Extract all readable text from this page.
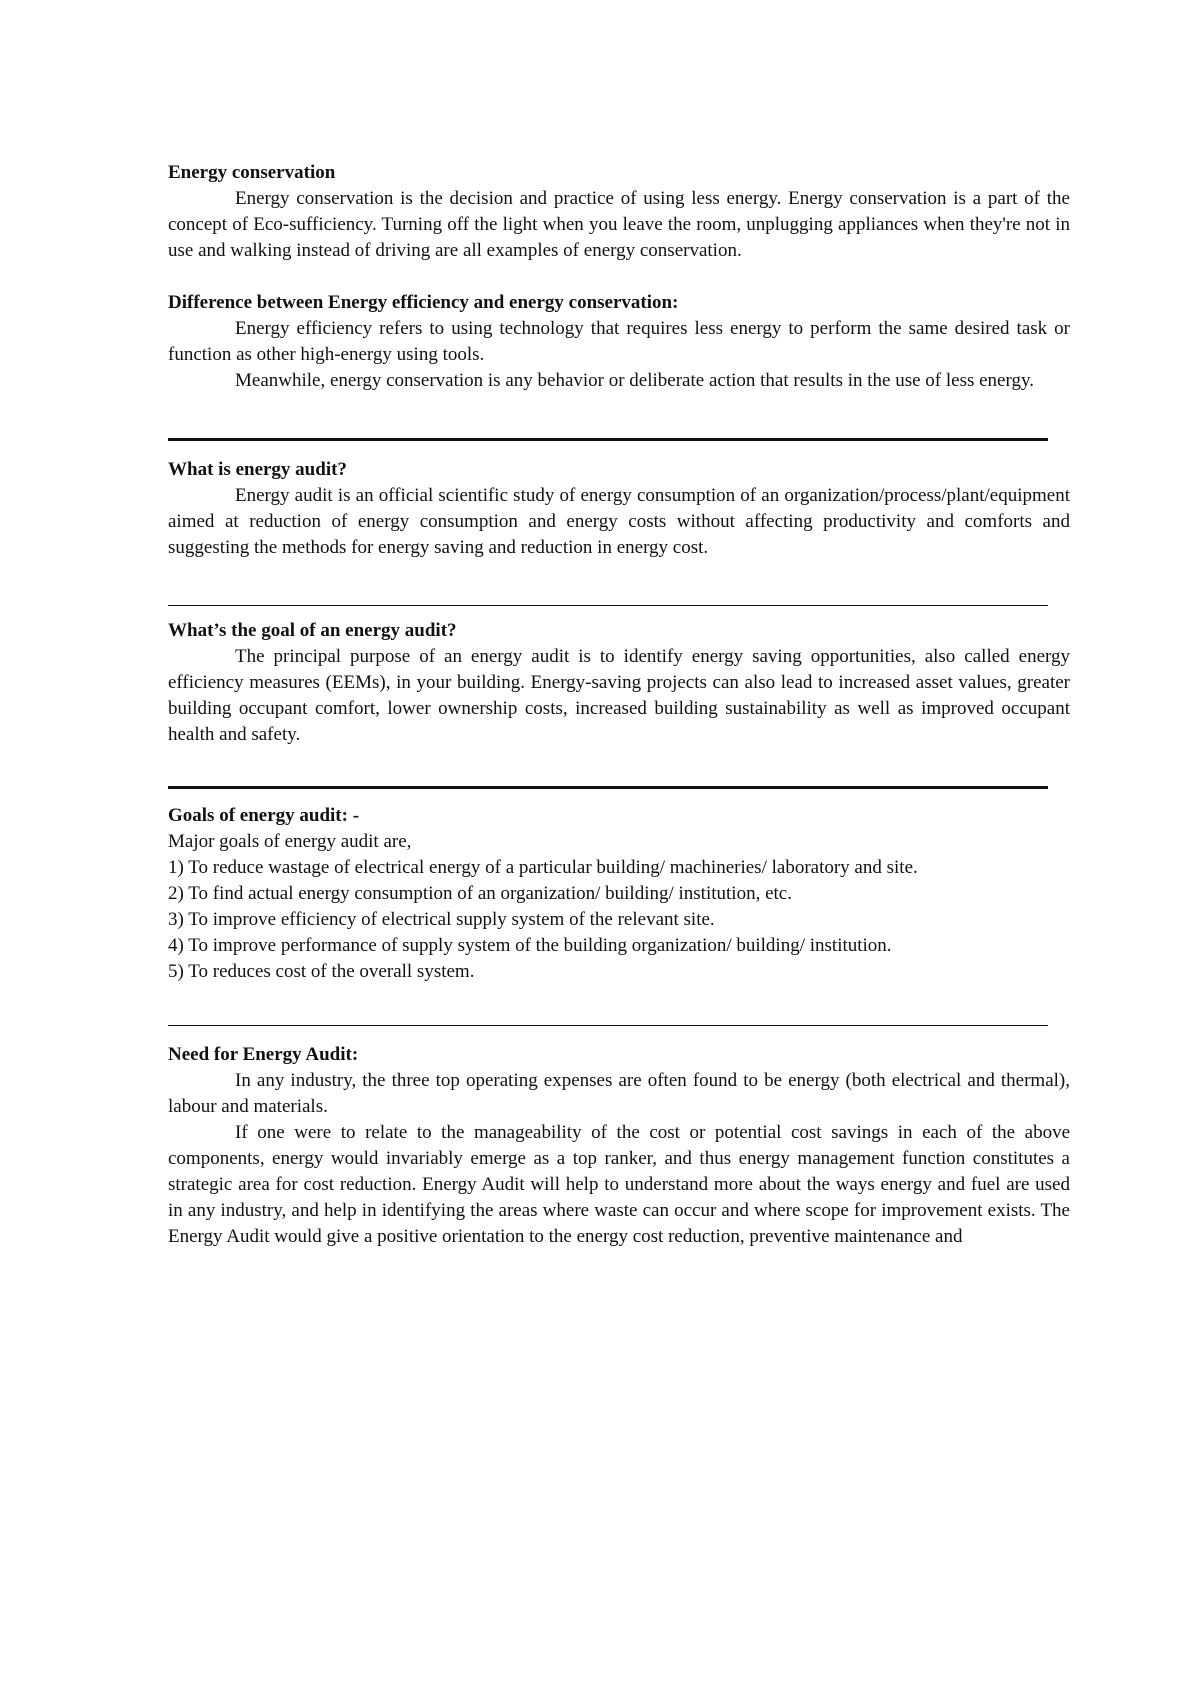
Energy conservation

Energy conservation is the decision and practice of using less energy. Energy conservation is a part of the concept of Eco-sufficiency. Turning off the light when you leave the room, unplugging appliances when they're not in use and walking instead of driving are all examples of energy conservation.

Difference between Energy efficiency and energy conservation:

Energy efficiency refers to using technology that requires less energy to perform the same desired task or function as other high-energy using tools.

Meanwhile, energy conservation is any behavior or deliberate action that results in the use of less energy.

What is energy audit?

Energy audit is an official scientific study of energy consumption of an organization/process/plant/equipment aimed at reduction of energy consumption and energy costs without affecting productivity and comforts and suggesting the methods for energy saving and reduction in energy cost.

What’s the goal of an energy audit?

The principal purpose of an energy audit is to identify energy saving opportunities, also called energy efficiency measures (EEMs), in your building. Energy-saving projects can also lead to increased asset values, greater building occupant comfort, lower ownership costs, increased building sustainability as well as improved occupant health and safety.

Goals of energy audit: -

Major goals of energy audit are,

1) To reduce wastage of electrical energy of a particular building/ machineries/ laboratory and site.

2) To find actual energy consumption of an organization/ building/ institution, etc.

3) To improve efficiency of electrical supply system of the relevant site.

4) To improve performance of supply system of the building organization/ building/ institution.

5) To reduces cost of the overall system.

Need for Energy Audit:

In any industry, the three top operating expenses are often found to be energy (both electrical and thermal), labour and materials.

If one were to relate to the manageability of the cost or potential cost savings in each of the above components, energy would invariably emerge as a top ranker, and thus energy management function constitutes a strategic area for cost reduction. Energy Audit will help to understand more about the ways energy and fuel are used in any industry, and help in identifying the areas where waste can occur and where scope for improvement exists. The Energy Audit would give a positive orientation to the energy cost reduction, preventive maintenance and
